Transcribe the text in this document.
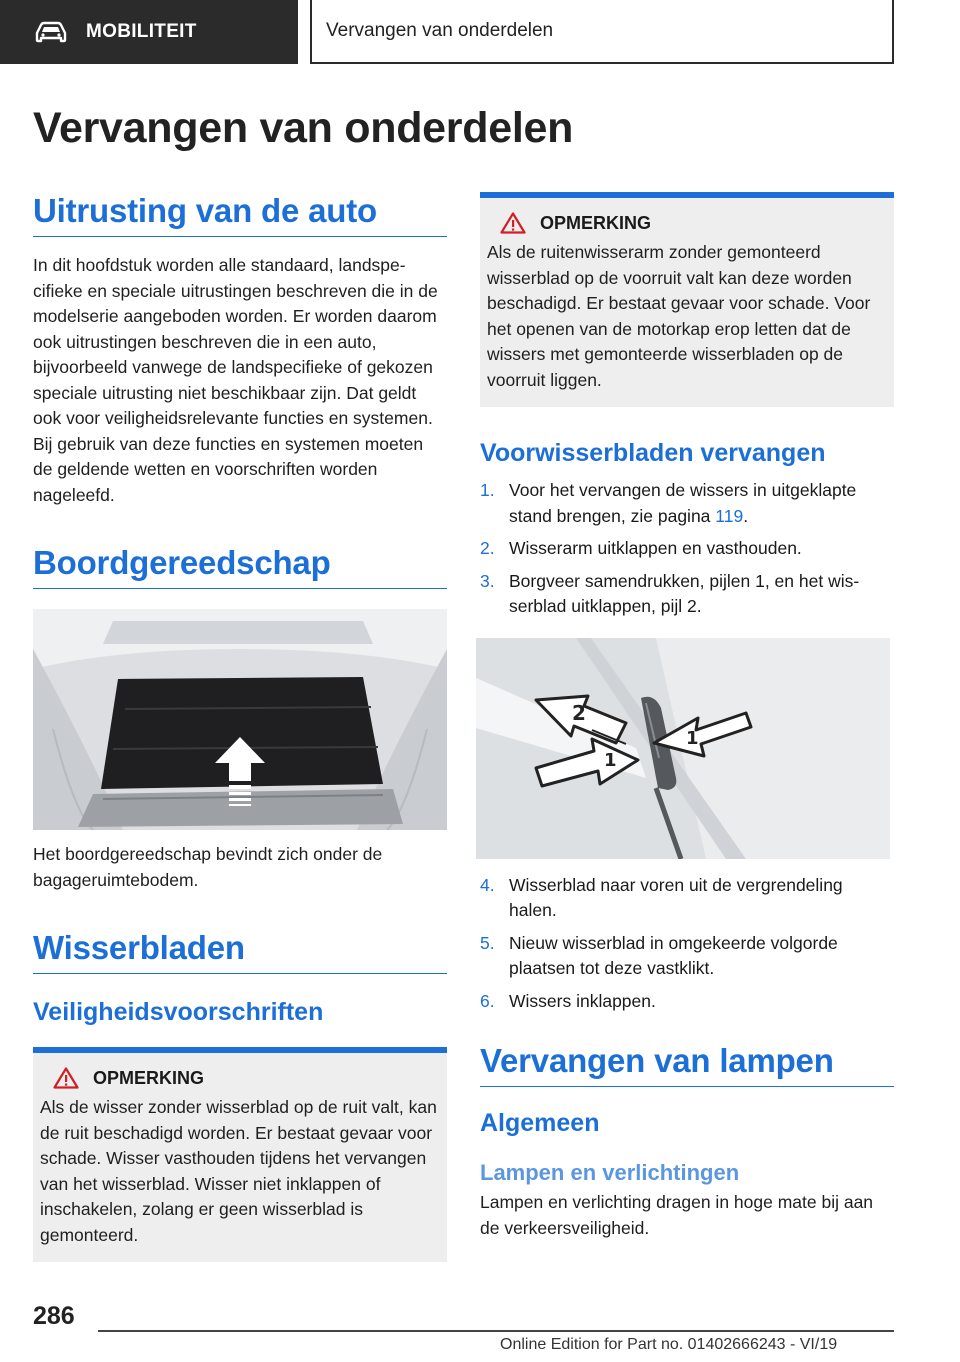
MOBILITEIT	Vervangen van onderdelen
Vervangen van onderdelen
Uitrusting van de auto

In dit hoofdstuk worden alle standaard, landspecifieke en speciale uitrustingen beschreven die in de modelserie aangeboden worden. Er worden daarom ook uitrustingen beschreven die in een auto, bijvoorbeeld vanwege de landspecifieke of gekozen speciale uitrusting niet beschikbaar zijn. Dat geldt ook voor veiligheidsrelevante functies en systemen. Bij gebruik van deze functies en systemen moeten de geldende wetten en voorschriften worden nageleefd.

Boordgereedschap

Het boordgereedschap bevindt zich onder de bagageruimtebodem.

Wisserbladen
Veiligheidsvoorschriften
OPMERKING

Als de wisser zonder wisserblad op de ruit valt, kan de ruit beschadigd worden. Er bestaat gevaar voor schade. Wisser vasthouden tijdens het vervangen van het wisserblad. Wisser niet inklappen of inschakelen, zolang er geen wisserblad is gemonteerd.

OPMERKING

Als de ruitenwisserarm zonder gemonteerd wisserblad op de voorruit valt kan deze worden beschadigd. Er bestaat gevaar voor schade. Voor het openen van de motorkap erop letten dat de wissers met gemonteerde wisserbladen op de voorruit liggen.

Voorwisserbladen vervangen
1. Voor het vervangen de wissers in uitgeklapte stand brengen, zie pagina 119.
2. Wisserarm uitklappen en vasthouden.
3. Borgveer samendrukken, pijlen 1, en het wisserblad uitklappen, pijl 2.
2
1
1
4. Wisserblad naar voren uit de vergrendeling halen.
5. Nieuw wisserblad in omgekeerde volgorde plaatsen tot deze vastklikt.
6. Wissers inklappen.
Vervangen van lampen
Algemeen
Lampen en verlichtingen

Lampen en verlichting dragen in hoge mate bij aan de verkeersveiligheid.

286
Online Edition for Part no. 01402666243 - VI/19
